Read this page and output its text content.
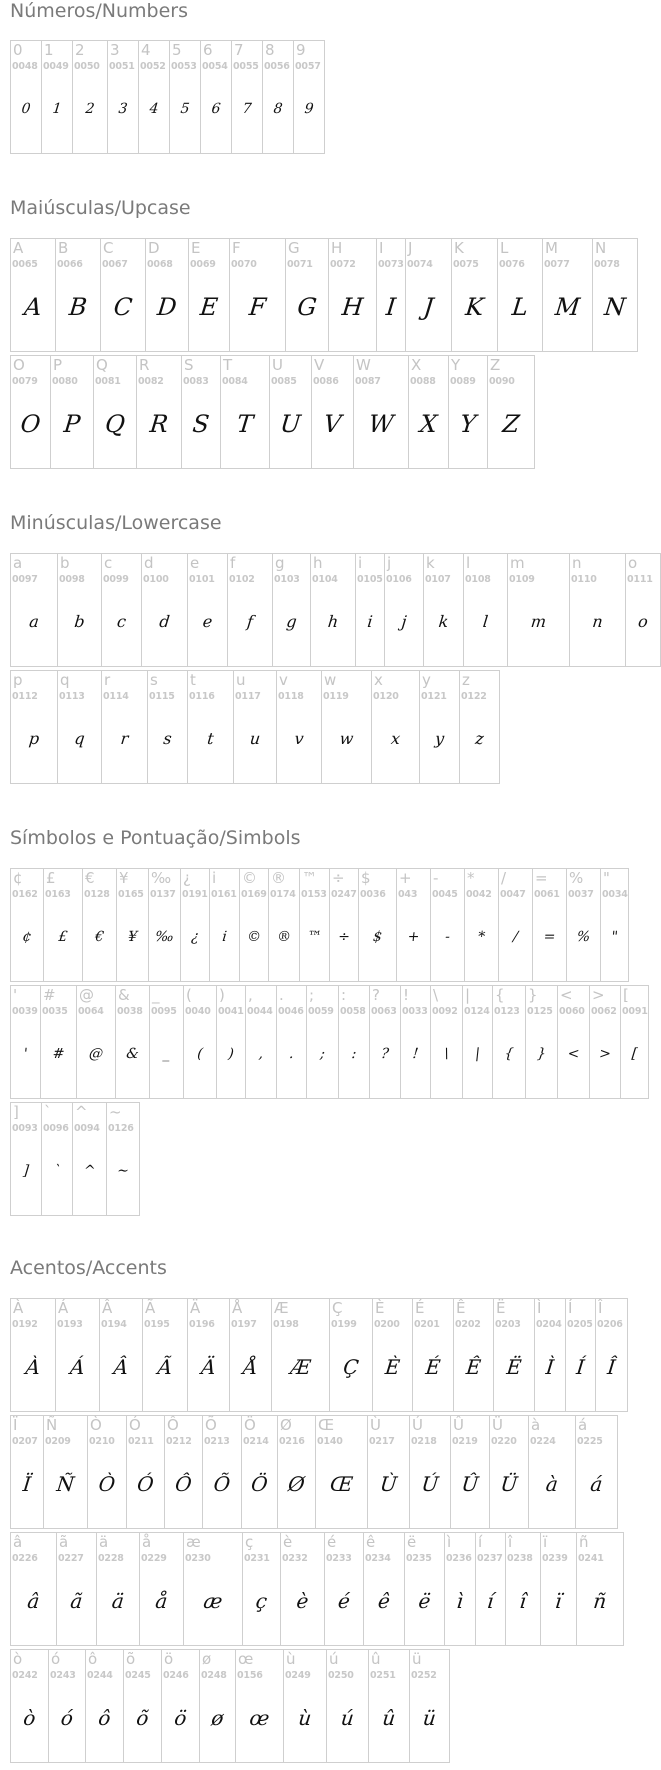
Números/Numbers
0
0048
0
1
0049
1
2
0050
2
3
0051
3
4
0052
4
5
0053
5
6
0054
6
7
0055
7
8
0056
8
9
0057
9
Maiúsculas/Upcase
A
0065
A
B
0066
B
C
0067
C
D
0068
D
E
0069
E
F
0070
F
G
0071
G
H
0072
H
I
0073
I
J
0074
J
K
0075
K
L
0076
L
M
0077
M
N
0078
N
O
0079
O
P
0080
P
Q
0081
Q
R
0082
R
S
0083
S
T
0084
T
U
0085
U
V
0086
V
W
0087
W
X
0088
X
Y
0089
Y
Z
0090
Z
Minúsculas/Lowercase
a
0097
a
b
0098
b
c
0099
c
d
0100
d
e
0101
e
f
0102
f
g
0103
g
h
0104
h
i
0105
i
j
0106
j
k
0107
k
l
0108
l
m
0109
m
n
0110
n
o
0111
o
p
0112
p
q
0113
q
r
0114
r
s
0115
s
t
0116
t
u
0117
u
v
0118
v
w
0119
w
x
0120
x
y
0121
y
z
0122
z
Símbolos e Pontuação/Simbols
¢
0162
¢
£
0163
£
€
0128
€
¥
0165
¥
‰
0137
‰
¿
0191
¿
i
0161
i
©
0169
©
®
0174
®
™
0153
™
÷
0247
÷
$
0036
$
+
043
+
-
0045
-
*
0042
*
/
0047
/
=
0061
=
%
0037
%
"
0034
"
'
0039
'
#
0035
#
@
0064
@
&
0038
&
_
0095
_
(
0040
(
)
0041
)
,
0044
,
.
0046
.
;
0059
;
:
0058
:
?
0063
?
!
0033
!
\
0092
\
|
0124
|
{
0123
{
}
0125
}
<
0060
<
>
0062
>
[
0091
[
]
0093
]
`
0096
`
^
0094
^
~
0126
~
Acentos/Accents
À
0192
À
Á
0193
Á
Â
0194
Â
Ã
0195
Ã
Ä
0196
Ä
Å
0197
Å
Æ
0198
Æ
Ç
0199
Ç
È
0200
È
É
0201
É
Ê
0202
Ê
Ë
0203
Ë
Ì
0204
Ì
Í
0205
Í
Î
0206
Î
Ï
0207
Ï
Ñ
0209
Ñ
Ò
0210
Ò
Ó
0211
Ó
Ô
0212
Ô
Õ
0213
Õ
Ö
0214
Ö
Ø
0216
Ø
Œ
0140
Œ
Ù
0217
Ù
Ú
0218
Ú
Û
0219
Û
Ü
0220
Ü
à
0224
à
á
0225
á
â
0226
â
ã
0227
ã
ä
0228
ä
å
0229
å
æ
0230
æ
ç
0231
ç
è
0232
è
é
0233
é
ê
0234
ê
ë
0235
ë
ì
0236
ì
í
0237
í
î
0238
î
ï
0239
ï
ñ
0241
ñ
ò
0242
ò
ó
0243
ó
ô
0244
ô
õ
0245
õ
ö
0246
ö
ø
0248
ø
œ
0156
œ
ù
0249
ù
ú
0250
ú
û
0251
û
ü
0252
ü
